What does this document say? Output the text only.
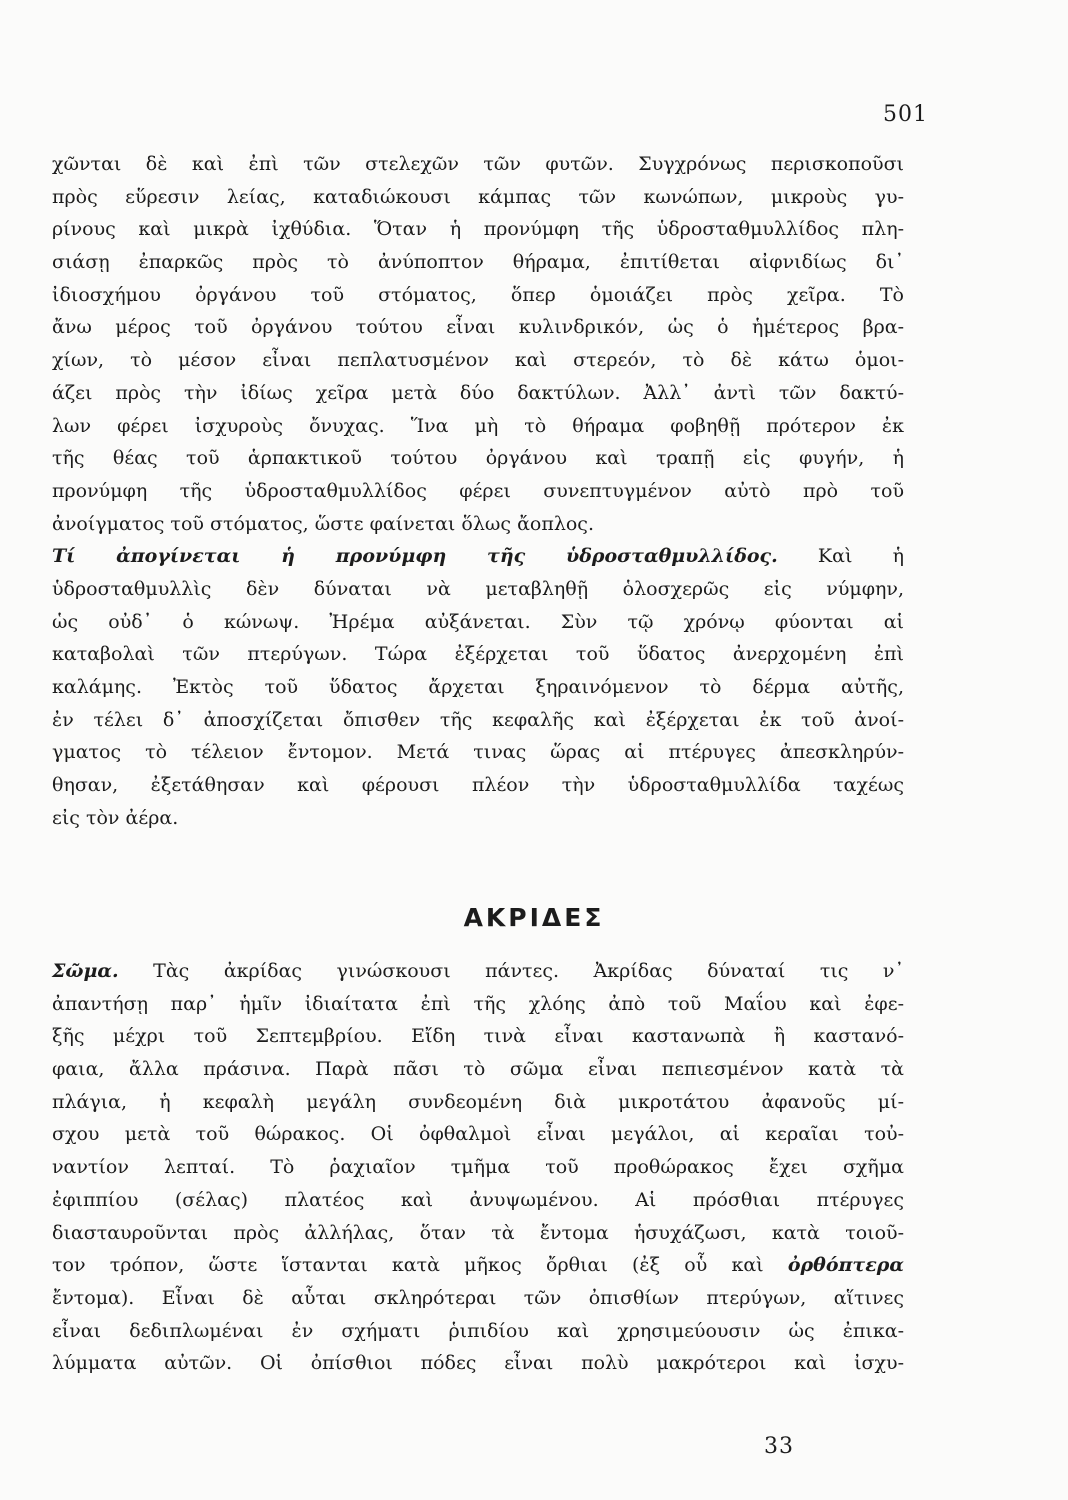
501
χῶνται δὲ καὶ ἐπὶ τῶν στελεχῶν τῶν φυτῶν. Συγχρόνως περισκοποῦσι
πρὸς εὕρεσιν λείας, καταδιώκουσι κάμπας τῶν κωνώπων, μικροὺς γυ-
ρίνους καὶ μικρὰ ἰχθύδια. Ὅταν ἡ προνύμφη τῆς ὑδροσταθμυλλίδος πλη-
σιάσῃ ἐπαρκῶς πρὸς τὸ ἀνύποπτον θήραμα, ἐπιτίθεται αἰφνιδίως δι᾽
ἰδιοσχήμου ὀργάνου τοῦ στόματος, ὅπερ ὁμοιάζει πρὸς χεῖρα. Τὸ
ἄνω μέρος τοῦ ὀργάνου τούτου εἶναι κυλινδρικόν, ὡς ὁ ἡμέτερος βρα-
χίων, τὸ μέσον εἶναι πεπλατυσμένον καὶ στερεόν, τὸ δὲ κάτω ὁμοι-
άζει πρὸς τὴν ἰδίως χεῖρα μετὰ δύο δακτύλων. Ἀλλ᾽ ἀντὶ τῶν δακτύ-
λων φέρει ἰσχυροὺς ὄνυχας. Ἵνα μὴ τὸ θήραμα φοβηθῇ πρότερον ἐκ
τῆς θέας τοῦ ἁρπακτικοῦ τούτου ὀργάνου καὶ τραπῇ εἰς φυγήν, ἡ
προνύμφη τῆς ὑδροσταθμυλλίδος φέρει συνεπτυγμένον αὐτὸ πρὸ τοῦ
ἀνοίγματος τοῦ στόματος, ὥστε φαίνεται ὅλως ἄοπλος.
Τί ἀπογίνεται ἡ προνύμφη τῆς ὑδροσταθμυλλίδος. Καὶ ἡ
ὑδροσταθμυλλὶς δὲν δύναται νὰ μεταβληθῇ ὁλοσχερῶς εἰς νύμφην,
ὡς οὐδ᾽ ὁ κώνωψ. Ἠρέμα αὐξάνεται. Σὺν τῷ χρόνῳ φύονται αἱ
καταβολαὶ τῶν πτερύγων. Τώρα ἐξέρχεται τοῦ ὕδατος ἀνερχομένη ἐπὶ
καλάμης. Ἐκτὸς τοῦ ὕδατος ἄρχεται ξηραινόμενον τὸ δέρμα αὐτῆς,
ἐν τέλει δ᾽ ἀποσχίζεται ὄπισθεν τῆς κεφαλῆς καὶ ἐξέρχεται ἐκ τοῦ ἀνοί-
γματος τὸ τέλειον ἔντομον. Μετά τινας ὥρας αἱ πτέρυγες ἀπεσκληρύν-
θησαν, ἐξετάθησαν καὶ φέρουσι πλέον τὴν ὑδροσταθμυλλίδα ταχέως
εἰς τὸν ἀέρα.
ΑΚΡΙΔΕΣ
Σῶμα. Τὰς ἀκρίδας γινώσκουσι πάντες. Ἀκρίδας δύναταί τις ν᾽
ἀπαντήσῃ παρ᾽ ἡμῖν ἰδιαίτατα ἐπὶ τῆς χλόης ἀπὸ τοῦ Μαΐου καὶ ἐφε-
ξῆς μέχρι τοῦ Σεπτεμβρίου. Εἴδη τινὰ εἶναι καστανωπὰ ἢ καστανό-
φαια, ἄλλα πράσινα. Παρὰ πᾶσι τὸ σῶμα εἶναι πεπιεσμένον κατὰ τὰ
πλάγια, ἡ κεφαλὴ μεγάλη συνδεομένη διὰ μικροτάτου ἀφανοῦς μί-
σχου μετὰ τοῦ θώρακος. Οἱ ὀφθαλμοὶ εἶναι μεγάλοι, αἱ κεραῖαι τοὐ-
ναντίον λεπταί. Τὸ ῥαχιαῖον τμῆμα τοῦ προθώρακος ἔχει σχῆμα
ἐφιππίου (σέλας) πλατέος καὶ ἀνυψωμένου. Αἱ πρόσθιαι πτέρυγες
διασταυροῦνται πρὸς ἀλλήλας, ὅταν τὰ ἔντομα ἡσυχάζωσι, κατὰ τοιοῦ-
τον τρόπον, ὥστε ἵστανται κατὰ μῆκος ὄρθιαι (ἐξ οὗ καὶ ὀρθόπτερα
ἔντομα). Εἶναι δὲ αὗται σκληρότεραι τῶν ὀπισθίων πτερύγων, αἵτινες
εἶναι δεδιπλωμέναι ἐν σχήματι ῥιπιδίου καὶ χρησιμεύουσιν ὡς ἐπικα-
λύμματα αὐτῶν. Οἱ ὀπίσθιοι πόδες εἶναι πολὺ μακρότεροι καὶ ἰσχυ-
33
